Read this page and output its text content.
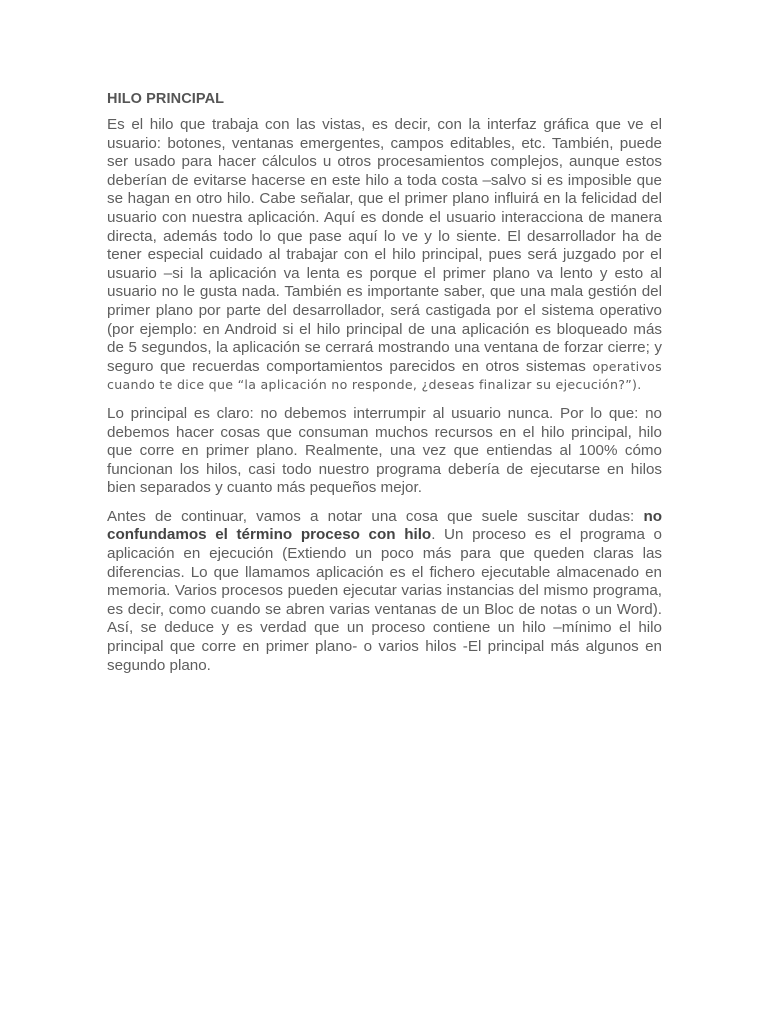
HILO PRINCIPAL

Es el hilo que trabaja con las vistas, es decir, con la interfaz gráfica que ve el usuario: botones, ventanas emergentes, campos editables, etc. También, puede ser usado para hacer cálculos u otros procesamientos complejos, aunque estos deberían de evitarse hacerse en este hilo a toda costa –salvo si es imposible que se hagan en otro hilo. Cabe señalar, que el primer plano influirá en la felicidad del usuario con nuestra aplicación. Aquí es donde el usuario interacciona de manera directa, además todo lo que pase aquí lo ve y lo siente. El desarrollador ha de tener especial cuidado al trabajar con el hilo principal, pues será juzgado por el usuario –si la aplicación va lenta es porque el primer plano va lento y esto al usuario no le gusta nada. También es importante saber, que una mala gestión del primer plano por parte del desarrollador, será castigada por el sistema operativo (por ejemplo: en Android si el hilo principal de una aplicación es bloqueado más de 5 segundos, la aplicación se cerrará mostrando una ventana de forzar cierre; y seguro que recuerdas comportamientos parecidos en otros sistemas operativos cuando te dice que “la aplicación no responde, ¿deseas finalizar su ejecución?”).

Lo principal es claro: no debemos interrumpir al usuario nunca. Por lo que: no debemos hacer cosas que consuman muchos recursos en el hilo principal, hilo que corre en primer plano. Realmente, una vez que entiendas al 100% cómo funcionan los hilos, casi todo nuestro programa debería de ejecutarse en hilos bien separados y cuanto más pequeños mejor.

Antes de continuar, vamos a notar una cosa que suele suscitar dudas: no confundamos el término proceso con hilo. Un proceso es el programa o aplicación en ejecución (Extiendo un poco más para que queden claras las diferencias. Lo que llamamos aplicación es el fichero ejecutable almacenado en memoria. Varios procesos pueden ejecutar varias instancias del mismo programa, es decir, como cuando se abren varias ventanas de un Bloc de notas o un Word). Así, se deduce y es verdad que un proceso contiene un hilo –mínimo el hilo principal que corre en primer plano- o varios hilos -El principal más algunos en segundo plano.
